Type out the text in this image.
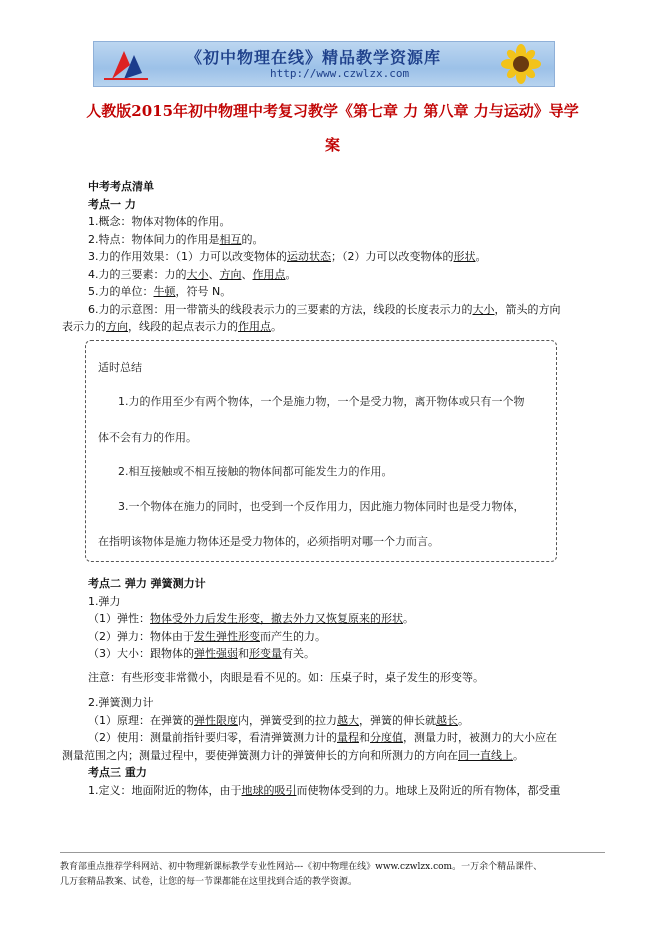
《初中物理在线》精品教学资源库
http://www.czwlzx.com
人教版2015年初中物理中考复习教学《第七章 力 第八章 力与运动》导学
案
中考考点清单
考点一 力
1.概念：物体对物体的作用。
2.特点：物体间力的作用是相互的。
3.力的作用效果：（1）力可以改变物体的运动状态；（2）力可以改变物体的形状。
4.力的三要素：力的大小、方向、作用点。
5.力的单位：牛顿，符号 N。
6.力的示意图：用一带箭头的线段表示力的三要素的方法，线段的长度表示力的大小，箭头的方向
表示力的方向，线段的起点表示力的作用点。

适时总结

1.力的作用至少有两个物体，一个是施力物，一个是受力物，离开物体或只有一个物

体不会有力的作用。

2.相互接触或不相互接触的物体间都可能发生力的作用。

3.一个物体在施力的同时，也受到一个反作用力，因此施力物体同时也是受力物体，

在指明该物体是施力物体还是受力物体的，必须指明对哪一个力而言。

考点二 弹力 弹簧测力计
1.弹力
（1）弹性：物体受外力后发生形变，撤去外力又恢复原来的形状。
（2）弹力：物体由于发生弹性形变而产生的力。
（3）大小：跟物体的弹性强弱和形变量有关。
注意：有些形变非常微小，肉眼是看不见的。如：压桌子时，桌子发生的形变等。
2.弹簧测力计
（1）原理：在弹簧的弹性限度内，弹簧受到的拉力越大，弹簧的伸长就越长。
（2）使用：测量前指针要归零，看清弹簧测力计的量程和分度值，测量力时，被测力的大小应在
测量范围之内；测量过程中，要使弹簧测力计的弹簧伸长的方向和所测力的方向在同一直线上。
考点三 重力
1.定义：地面附近的物体，由于地球的吸引而使物体受到的力。地球上及附近的所有物体，都受重
教育部重点推荐学科网站、初中物理新课标教学专业性网站---《初中物理在线》www.czwlzx.com。一万余个精品课件、
几万套精品教案、试卷，让您的每一节课都能在这里找到合适的教学资源。
